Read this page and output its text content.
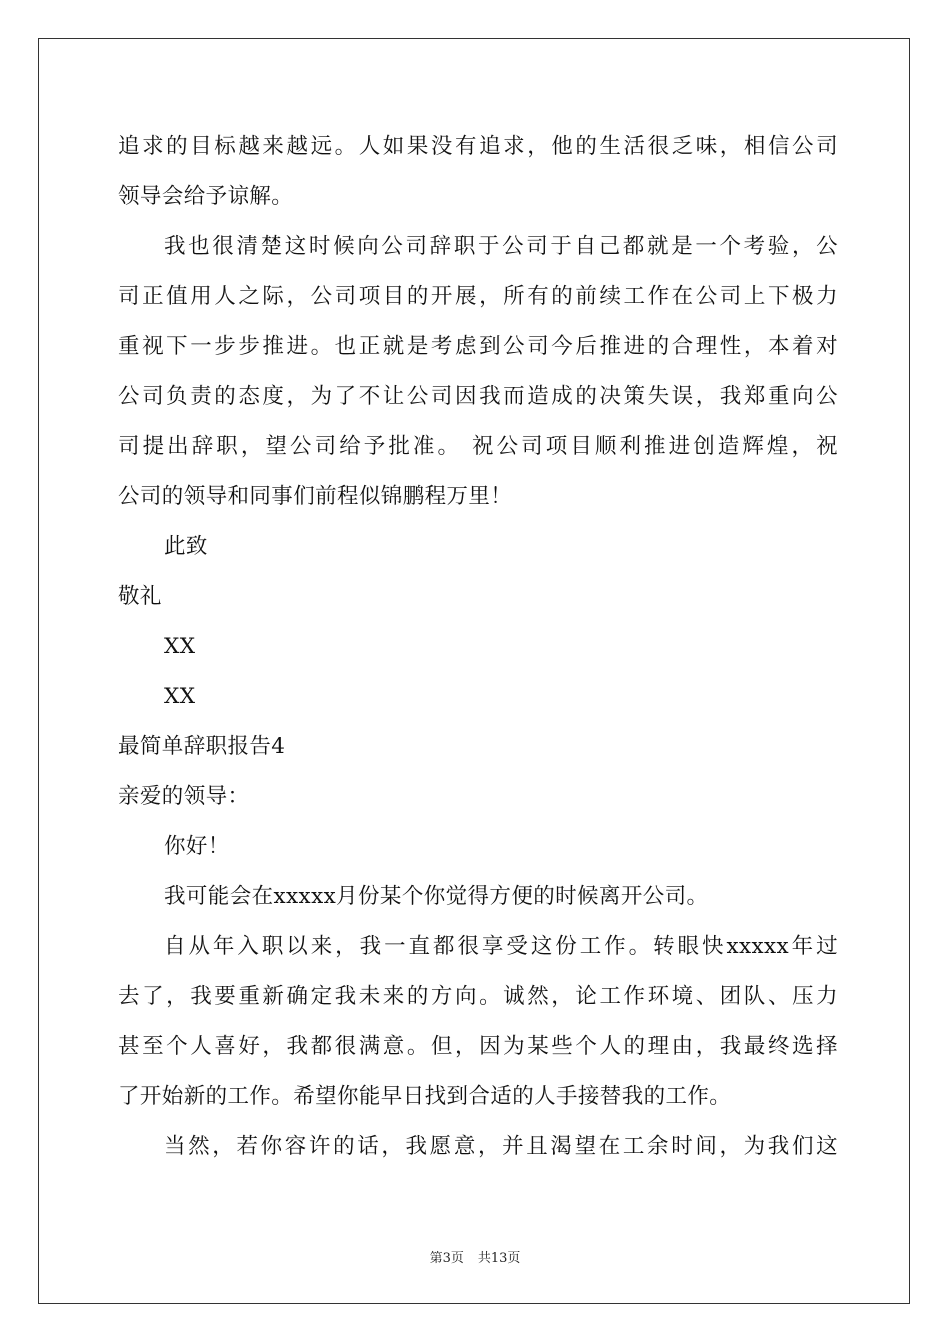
追求的目标越来越远。人如果没有追求，他的生活很乏味，相信公司
领导会给予谅解。
我也很清楚这时候向公司辞职于公司于自己都就是一个考验，公
司正值用人之际，公司项目的开展，所有的前续工作在公司上下极力
重视下一步步推进。也正就是考虑到公司今后推进的合理性，本着对
公司负责的态度，为了不让公司因我而造成的决策失误，我郑重向公
司提出辞职，望公司给予批准。 祝公司项目顺利推进创造辉煌，祝
公司的领导和同事们前程似锦鹏程万里！
此致
敬礼
XX
XX
最简单辞职报告4
亲爱的领导：
你好！
我可能会在xxxxx月份某个你觉得方便的时候离开公司。
自从年入职以来，我一直都很享受这份工作。转眼快xxxxx年过
去了，我要重新确定我未来的方向。诚然，论工作环境、团队、压力
甚至个人喜好，我都很满意。但，因为某些个人的理由，我最终选择
了开始新的工作。希望你能早日找到合适的人手接替我的工作。
当然，若你容许的话，我愿意，并且渴望在工余时间，为我们这
第3页 共13页
